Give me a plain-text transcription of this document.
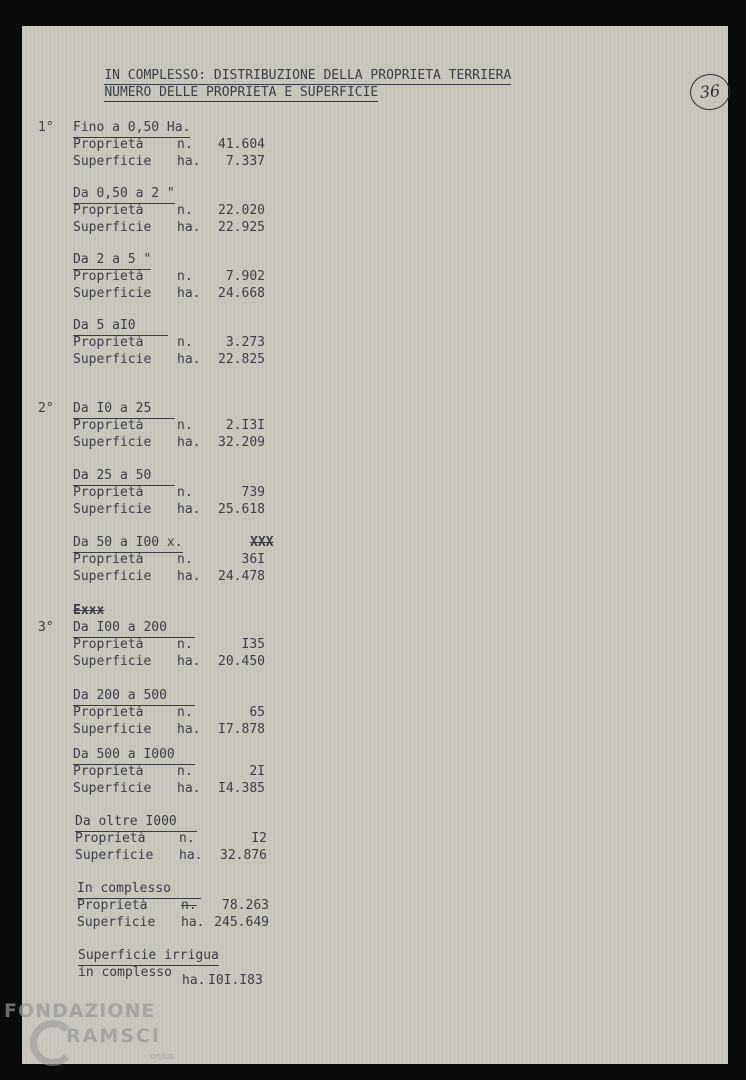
IN COMPLESSO: DISTRIBUZIONE DELLA PROPRIETA TERRIERA

NUMERO DELLE PROPRIETA E SUPERFICIE
	36
1° Fino a 0,50 Ha.
Proprietà	n.	41.604
Superficie ha.	7.337
Da 0,50 a 2 "
Proprietà	n.	22.020
Superficie ha.	22.925
Da 2 a 5 "
Proprietà	n.	7.902
Superficie ha.	24.668
Da 5 aI0
Proprietà	n.	3.273
Superficie ha.	22.825
2° Da I0 a 25
Proprietà	n.	2.I3I
Superficie ha.	32.209
Da 25 a 50
Proprietà	n.	739
Superficie ha.	25.618
Da 50 a I00 x.	XXX
Proprietà	n.	36I
Superficie ha.	24.478
Exxx
3° Da I00 a 200
Proprietà	n.	I35
Superficie ha.	20.450
Da 200 a 500
Proprietà	n.	65
Superficie ha.	I7.878
Da 500 a I000
Proprietà	n.	2I
Superficie ha.	I4.385
Da oltre I000
Proprietà	n.	I2
Superficie ha.	32.876
In complesso
Proprietà	n.	78.263
Superficie ha. 245.649
Superficie irrigua
in complesso
ha. I0I.I83
FONDAZIONE
RAMSCI
onlus
